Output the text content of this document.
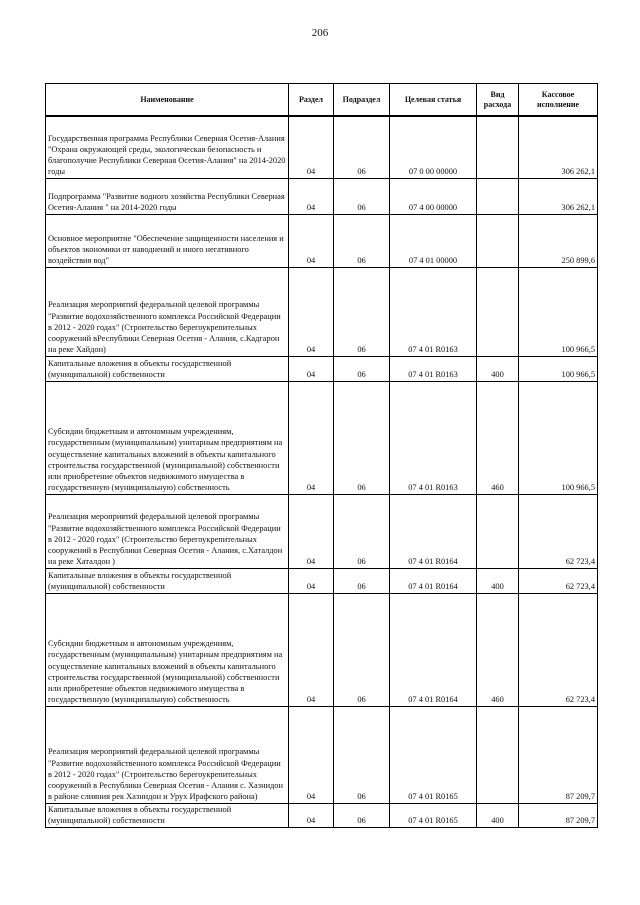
206
Наименование	Раздел	Подраздел	Целевая статья	Вид расхода	Кассовое исполнение
Государственная программа Республики Северная Осетия-Алания "Охрана окружающей среды, экологическая безопасность и благополучие Республики Северная Осетия-Алания" на 2014-2020 годы	04	06	07 0 00 00000		306 262,1
Подпрограмма "Развитие водного хозяйства Республики Северная Осетия-Алания " на 2014-2020 годы	04	06	07 4 00 00000		306 262,1
Основное мероприятие "Обеспечение защищенности населения и объектов экономики от наводнений и иного негативного воздействия вод"	04	06	07 4 01 00000		250 899,6
Реализация мероприятий федеральной целевой программы "Развитие водохозяйственного комплекса Российской Федерации в 2012 - 2020 годах" (Строительство берегоукрепительных сооружений вРеспублики Северная Осетия - Алания, с.Кадгарон на реке Хайдон)	04	06	07 4 01 R0163		100 966,5
Капитальные вложения в объекты государственной (муниципальной) собственности	04	06	07 4 01 R0163	400	100 966,5
Субсидии бюджетным и автономным учреждениям, государственным (муниципальным) унитарным предприятиям на осуществление капитальных вложений в объекты капитального строительства государственной (муниципальной) собственности или приобретение объектов недвижимого имущества в государственную (муниципальную) собственность	04	06	07 4 01 R0163	460	100 966,5
Реализация мероприятий федеральной целевой программы "Развитие водохозяйственного комплекса Российской Федерации в 2012 - 2020 годах" (Строительство берегоукрепительных сооружений в Республики Северная Осетия - Алания, с.Хаталдон на реке Хаталдон )	04	06	07 4 01 R0164		62 723,4
Капитальные вложения в объекты государственной (муниципальной) собственности	04	06	07 4 01 R0164	400	62 723,4
Субсидии бюджетным и автономным учреждениям, государственным (муниципальным) унитарным предприятиям на осуществление капитальных вложений в объекты капитального строительства государственной (муниципальной) собственности или приобретение объектов недвижимого имущества в государственную (муниципальную) собственность	04	06	07 4 01 R0164	460	62 723,4
Реализация мероприятий федеральной целевой программы "Развитие водохозяйственного комплекса Российской Федерации в 2012 - 2020 годах" (Строительство берегоукрепительных сооружений в Республики Северная Осетия - Алания с. Хазнидон в районе слияния рек Хазнидон и Урух Ирафского района)	04	06	07 4 01 R0165		87 209,7
Капитальные вложения в объекты государственной (муниципальной) собственности	04	06	07 4 01 R0165	400	87 209,7
